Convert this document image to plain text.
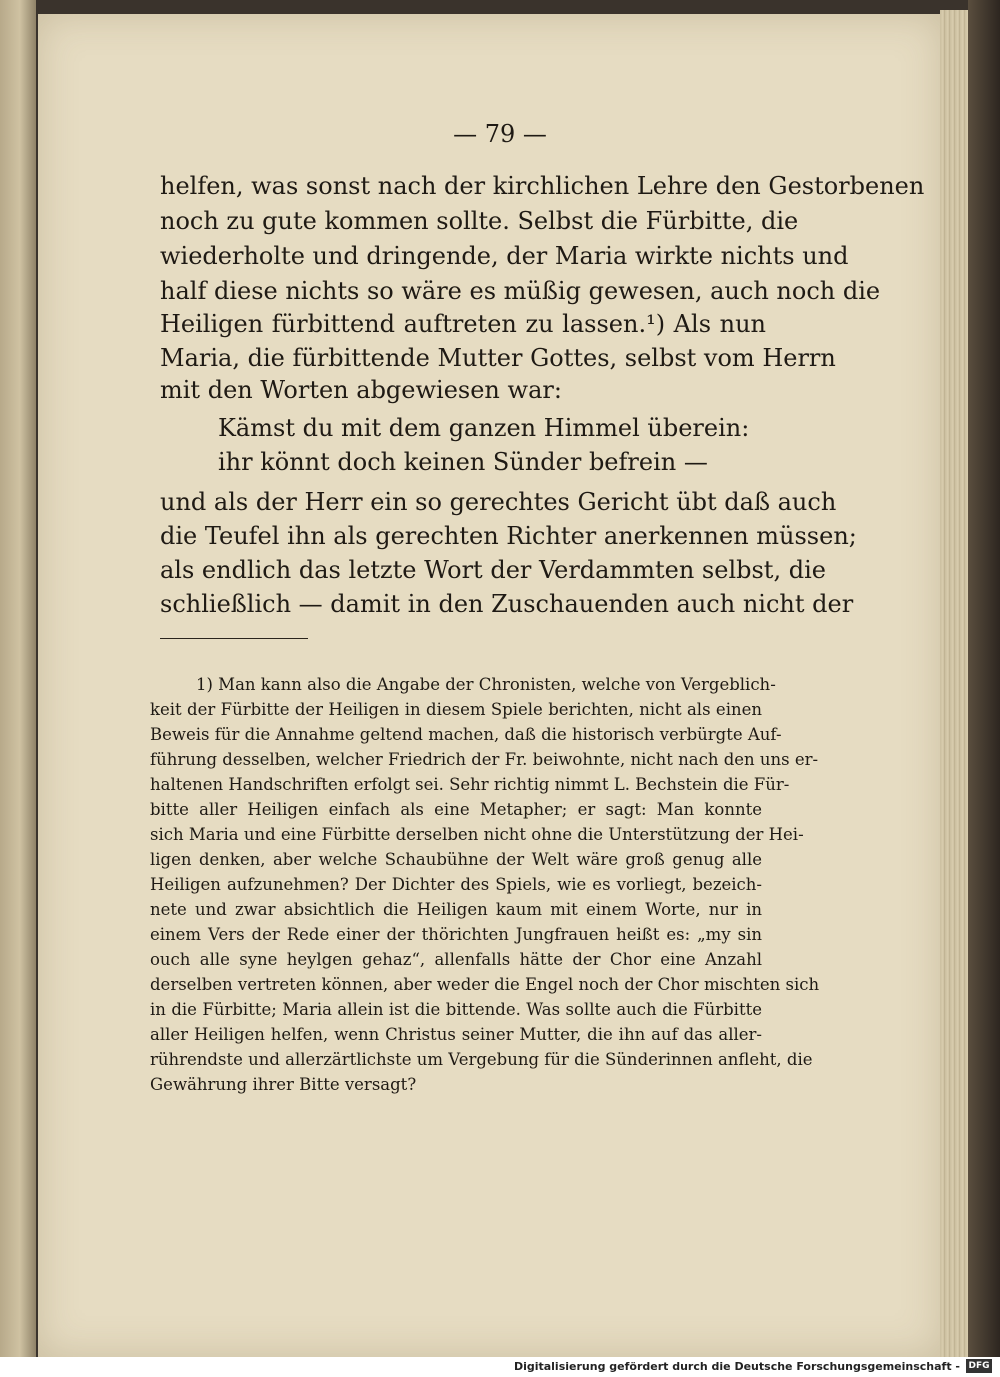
— 79 —
helfen, was sonst nach der kirchlichen Lehre den Gestorbenen
noch zu gute kommen sollte. Selbst die Fürbitte, die
wiederholte und dringende, der Maria wirkte nichts und
half diese nichts so wäre es müßig gewesen, auch noch die
Heiligen fürbittend auftreten zu lassen.¹) Als nun
Maria, die fürbittende Mutter Gottes, selbst vom Herrn
mit den Worten abgewiesen war:
Kämst du mit dem ganzen Himmel überein:
ihr könnt doch keinen Sünder befrein —
und als der Herr ein so gerechtes Gericht übt daß auch
die Teufel ihn als gerechten Richter anerkennen müssen;
als endlich das letzte Wort der Verdammten selbst, die
schließlich — damit in den Zuschauenden auch nicht der
1) Man kann also die Angabe der Chronisten, welche von Vergeblich-
keit der Fürbitte der Heiligen in diesem Spiele berichten, nicht als einen
Beweis für die Annahme geltend machen, daß die historisch verbürgte Auf-
führung desselben, welcher Friedrich der Fr. beiwohnte, nicht nach den uns er-
haltenen Handschriften erfolgt sei. Sehr richtig nimmt L. Bechstein die Für-
bitte aller Heiligen einfach als eine Metapher; er sagt: Man konnte
sich Maria und eine Fürbitte derselben nicht ohne die Unterstützung der Hei-
ligen denken, aber welche Schaubühne der Welt wäre groß genug alle
Heiligen aufzunehmen? Der Dichter des Spiels, wie es vorliegt, bezeich-
nete und zwar absichtlich die Heiligen kaum mit einem Worte, nur in
einem Vers der Rede einer der thörichten Jungfrauen heißt es: „my sin
ouch alle syne heylgen gehaz“, allenfalls hätte der Chor eine Anzahl
derselben vertreten können, aber weder die Engel noch der Chor mischten sich
in die Fürbitte; Maria allein ist die bittende. Was sollte auch die Fürbitte
aller Heiligen helfen, wenn Christus seiner Mutter, die ihn auf das aller-
rührendste und allerzärtlichste um Vergebung für die Sünderinnen anfleht, die
Gewährung ihrer Bitte versagt?
Digitalisierung gefördert durch die Deutsche Forschungsgemeinschaft - DFG
